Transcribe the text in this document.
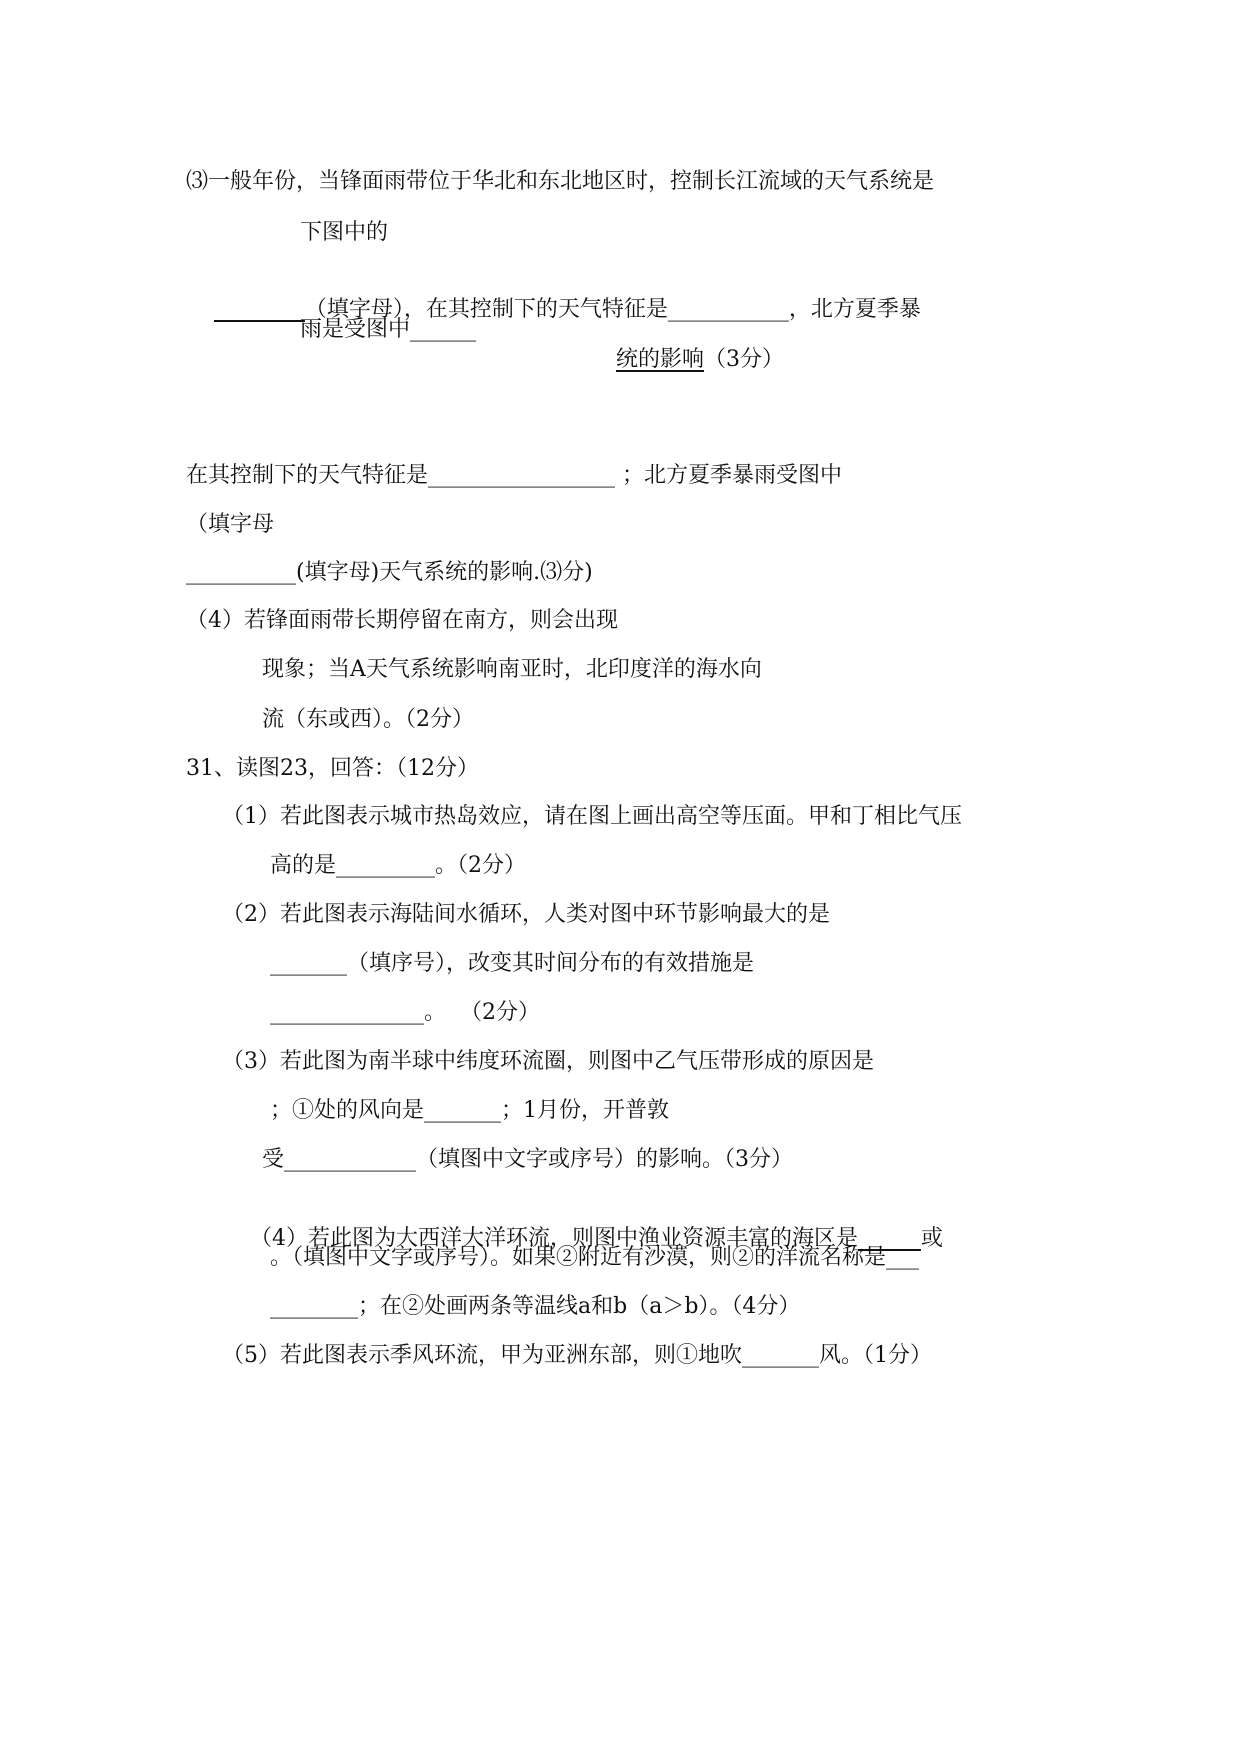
⑶一般年份，当锋面雨带位于华北和东北地区时，控制长江流域的天气系统是
下图中的

（填字母），在其控制下的天气特征是___________，北方夏季暴

雨是受图中______

统的影响（3分）

在其控制下的天气特征是_________________ ；北方夏季暴雨受图中
（填字母
__________(填字母)天气系统的影响.⑶分)
（4）若锋面雨带长期停留在南方，则会出现
现象；当A天气系统影响南亚时，北印度洋的海水向
流（东或西）。（2分）
31、读图23，回答：（12分）
（1）若此图表示城市热岛效应，请在图上画出高空等压面。甲和丁相比气压
高的是_________。（2分）
（2）若此图表示海陆间水循环，人类对图中环节影响最大的是
_______（填序号），改变其时间分布的有效措施是
______________。  （2分）
（3）若此图为南半球中纬度环流圈，则图中乙气压带形成的原因是
；①处的风向是_______；1月份，开普敦
受____________（填图中文字或序号）的影响。（3分）

（4）若此图为大西洋大洋环流，则图中渔业资源丰富的海区是	或

。（填图中文字或序号）。如果②附近有沙漠，则②的洋流名称是___
________；在②处画两条等温线a和b（a＞b）。（4分）
（5）若此图表示季风环流，甲为亚洲东部，则①地吹_______风。（1分）
